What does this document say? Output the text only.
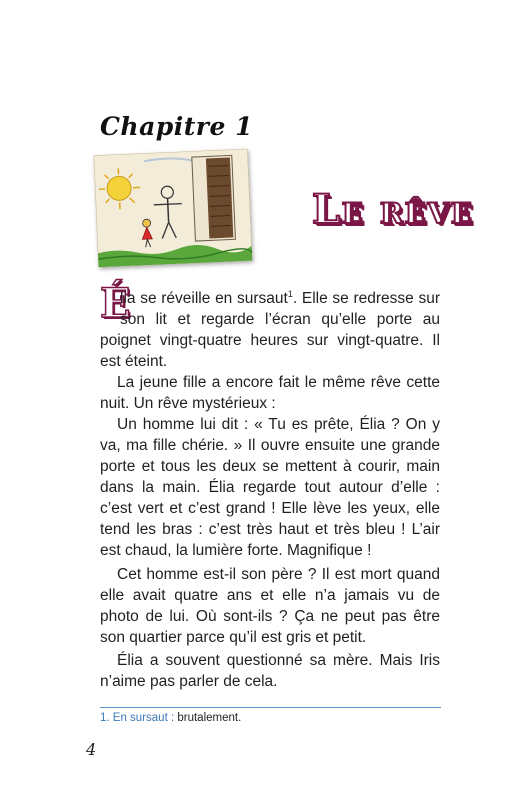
Chapitre 1
Le rêve
É
lia se réveille en sursaut$^1$. Elle se redresse sur son lit et regarde l’écran qu’elle porte au poignet vingt-quatre heures sur vingt-quatre. Il est éteint.
La jeune fille a encore fait le même rêve cette nuit. Un rêve mystérieux :
Un homme lui dit : « Tu es prête, Élia ? On y va, ma fille chérie. » Il ouvre ensuite une grande porte et tous les deux se mettent à courir, main dans la main. Élia regarde tout autour d’elle : c’est vert et c’est grand ! Elle lève les yeux, elle tend les bras : c’est très haut et très bleu ! L’air est chaud, la lumière forte. Magnifique !
Cet homme est-il son père ? Il est mort quand elle avait quatre ans et elle n’a jamais vu de photo de lui. Où sont-ils ? Ça ne peut pas être son quartier parce qu’il est gris et petit.
Élia a souvent questionné sa mère. Mais Iris n’aime pas parler de cela.
1. En sursaut : brutalement.
4
